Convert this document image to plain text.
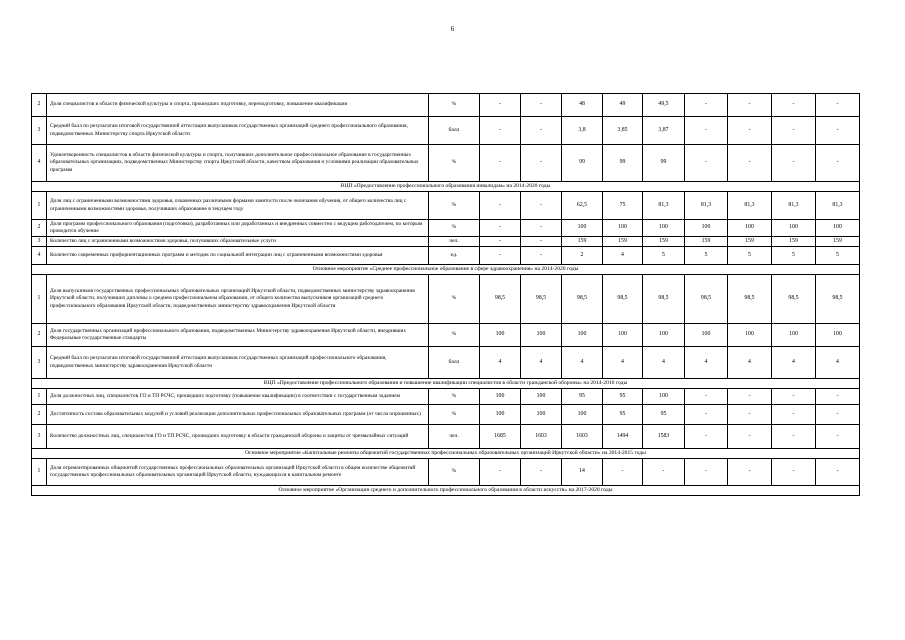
6
2	Доля специалистов в области физической культуры и спорта, прошедших подготовку, переподготовку, повышение квалификации	%	-	-	48	49	49,5	-	-	-	-
3	Средний балл по результатам итоговой государственной аттестации выпускников государственных организаций среднего профессионального образования, подведомственных Министерству спорта Иркутской области	балл	-	-	3,8	3,85	3,87	-	-	-	-
4	Удовлетворенность специалистов в области физической культуры и спорта, получивших дополнительное профессиональное образование в государственных образовательных организациях, подведомственных Министерству спорта Иркутской области, качеством образования и условиями реализации образовательных программ	%	-	-	99	99	99	-	-	-	-
ВЦП «Предоставление профессионального образования инвалидам» на 2014-2020 годы											
1	Доля лиц с ограниченными возможностями здоровья, охваченных различными формами занятости после окончания обучения, от общего количества лиц с ограниченными возможностями здоровья, получивших образование в текущем году	%	-	-	62,5	75	81,3	81,3	81,3	81,3	81,3
2	Доля программ профессионального образования (подготовки), разработанных или доработанных и внедренных совместно с ведущим работодателем, по которым проводится обучение	%	-	-	100	100	100	100	100	100	100
3	Количество лиц с ограниченными возможностями здоровья, получивших образовательные услуги	чел.	-	-	159	159	159	159	159	159	159
4	Количество современных профориентационных программ и методик по социальной интеграции лиц с ограниченными возможностями здоровья	ед.	-	-	2	4	5	5	5	5	5
Основное мероприятие «Среднее профессиональное образование в сфере здравоохранения» на 2014-2020 годы											
1	Доля выпускников государственных профессиональных образовательных организаций Иркутской области, подведомственных министерству здравоохранения Иркутской области, получивших дипломы о среднем профессиональном образовании, от общего количества выпускников организаций среднего профессионального образования Иркутской области, подведомственных министерству здравоохранения Иркутской области	%	98,5	98,5	98,5	98,5	98,5	98,5	98,5	98,5	98,5
2	Доля государственных организаций профессионального образования, подведомственных Министерству здравоохранения Иркутской области, внедривших Федеральные государственные стандарты	%	100	100	100	100	100	100	100	100	100
3	Средний балл по результатам итоговой государственной аттестации выпускников государственных организаций профессионального образования, подведомственных министерству здравоохранения Иркутской области	балл	4	4	4	4	4	4	4	4	4
ВЦП «Предоставление профессионального образования и повышение квалификации специалистов в области гражданской обороны» на 2014-2016 годы											
1	Доля должностных лиц, специалистов ГО и ТП РСЧС, прошедших подготовку (повышение квалификации) в соответствии с государственным заданием	%	100	100	95	95	100	-	-	-	-
2	Достаточность состава образовательных модулей и условий реализации дополнительных профессиональных образовательных программ (от числа опрошенных)	%	100	100	100	95	95	-	-	-	-
3	Количество должностных лиц, специалистов ГО и ТП РСЧС, прошедших подготовку в области гражданской обороны и защиты от чрезвычайных ситуаций	чел.	1685	1603	1603	1494	1583	-	-	-	-
Основное мероприятие «Капитальные ремонты общежитий государственных профессиональных образовательных организаций Иркутской области» на 2014-2015 годы											
1	Доля отремонтированных общежитий государственных профессиональных образовательных организаций Иркутской области в общем количестве общежитий государственных профессиональных образовательных организаций Иркутской области, нуждающихся в капитальном ремонте	%	-	-	14	-	-	-	-	-	-
Основное мероприятие «Организация среднего и дополнительного профессионального образования в области искусств» на 2017-2020 годы											
